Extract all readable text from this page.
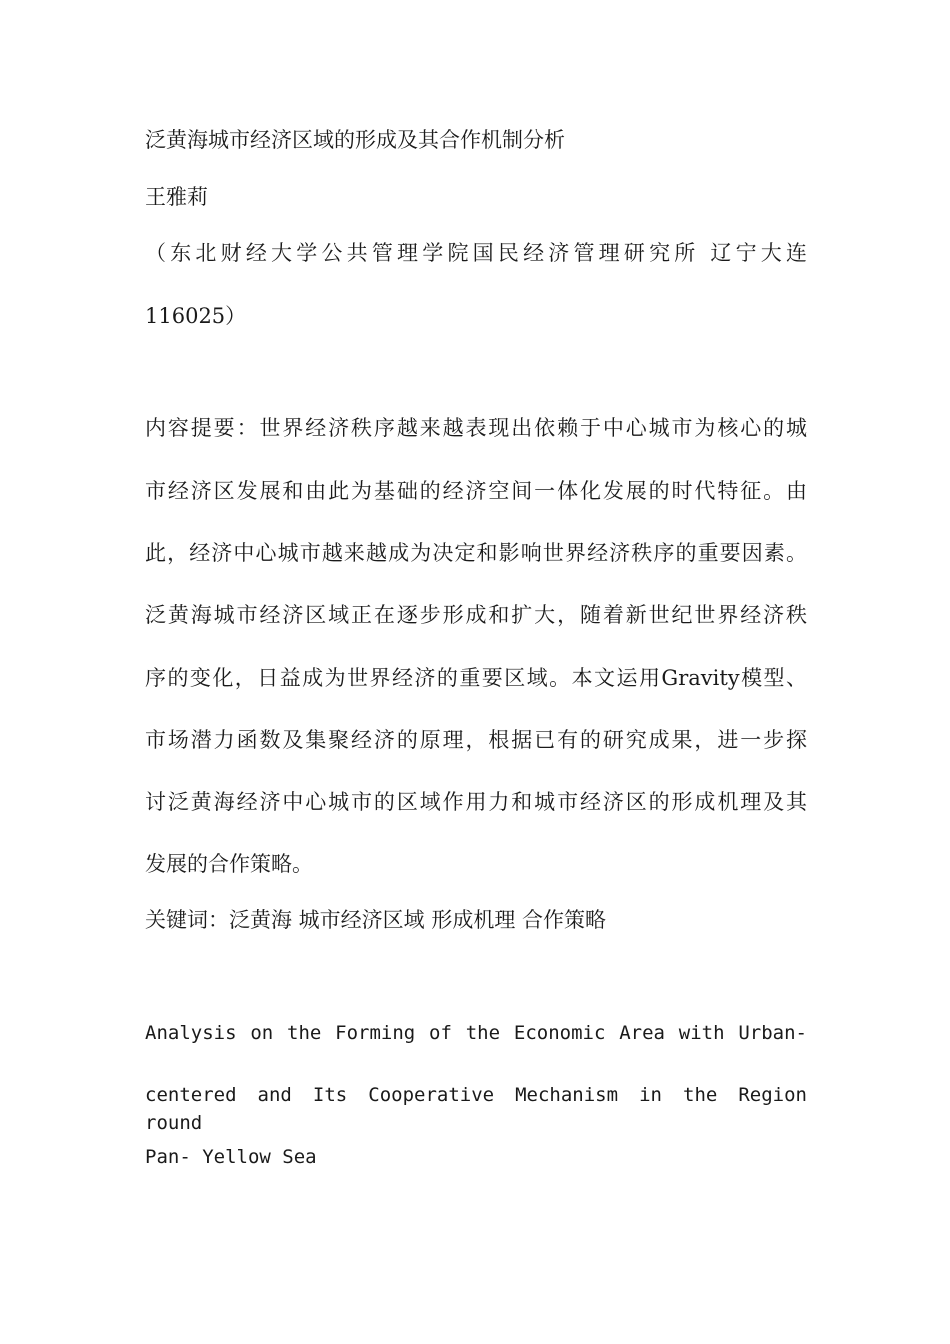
泛黄海城市经济区域的形成及其合作机制分析
王雅莉
（东北财经大学公共管理学院国民经济管理研究所 辽宁大连
116025）
内容提要：世界经济秩序越来越表现出依赖于中心城市为核心的城
市经济区发展和由此为基础的经济空间一体化发展的时代特征。由
此，经济中心城市越来越成为决定和影响世界经济秩序的重要因素。
泛黄海城市经济区域正在逐步形成和扩大，随着新世纪世界经济秩
序的变化，日益成为世界经济的重要区域。本文运用Gravity模型、
市场潜力函数及集聚经济的原理，根据已有的研究成果，进一步探
讨泛黄海经济中心城市的区域作用力和城市经济区的形成机理及其
发展的合作策略。
关键词：泛黄海 城市经济区域 形成机理 合作策略
Analysis on the Forming of the Economic Area with Urban-
centered and Its Cooperative Mechanism in the Region round
Pan- Yellow Sea
